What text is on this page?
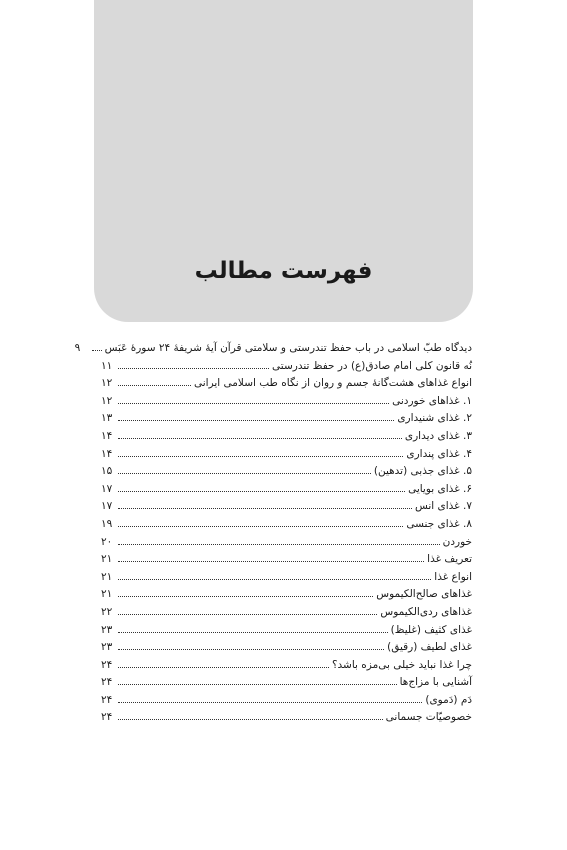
فهرست مطالب
دیدگاه طبّ اسلامی در باب حفظ تندرستی و سلامتی قرآن آیهٔ شریفهٔ ۲۴ سورهٔ عَبَس
۹
نُه قانون کلی امام صادق(ع) در حفظ تندرستی
۱۱
انواع غذاهای هشت‌گانهٔ جسم و روان از نگاه طب اسلامی ایرانی
۱۲
۱. غذاهای خوردنی
۱۲
۲. غذای شنیداری
۱۳
۳. غذای دیداری
۱۴
۴. غذای پنداری
۱۴
۵. غذای جذبی (تدهین)
۱۵
۶. غذای بویایی
۱۷
۷. غذای انس
۱۷
۸. غذای جنسی
۱۹
خوردن
۲۰
تعریف غذا
۲۱
انواع غذا
۲۱
غذاهای صالح‌الکیموس
۲۱
غذاهای ردی‌الکیموس
۲۲
غذای کثیف (غلیظ)
۲۳
غذای لطیف (رقیق)
۲۳
چرا غذا نباید خیلی بی‌مزه باشد؟
۲۴
آشنایی با مزاج‌ها
۲۴
دَم (دَموی)
۲۴
خصوصیّات جسمانی
۲۴
